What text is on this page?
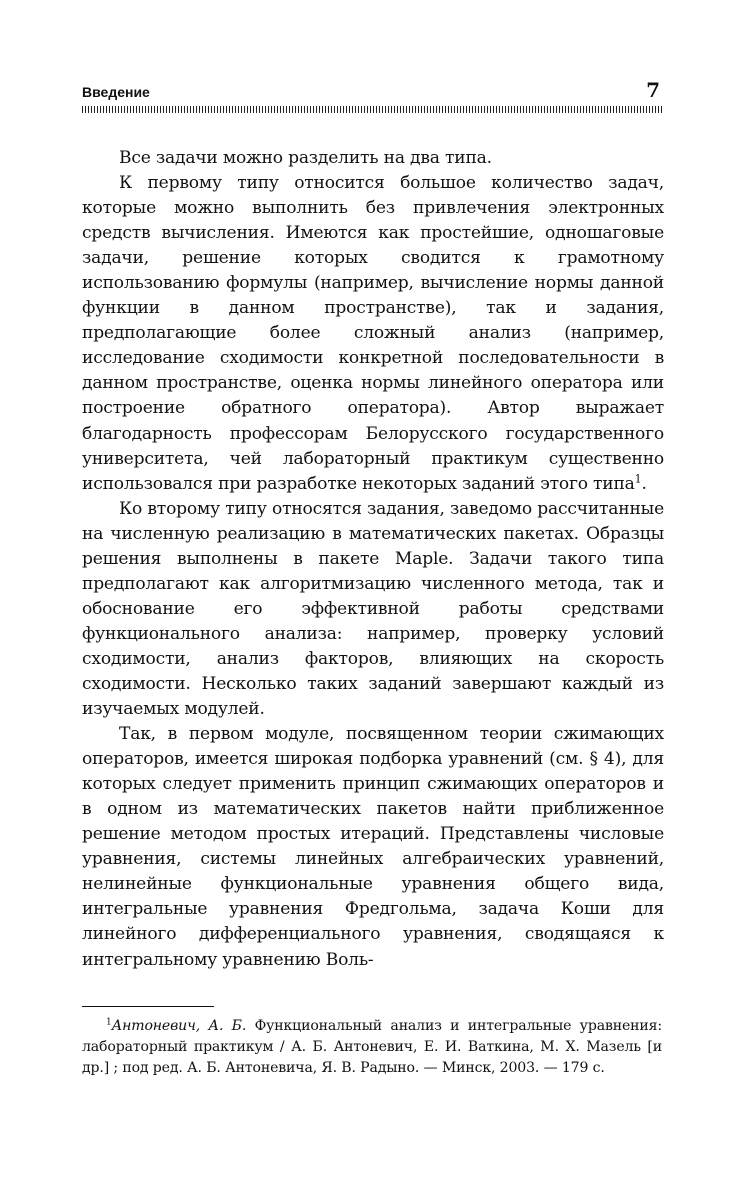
Введение	7

Все задачи можно разделить на два типа.

К первому типу относится большое количество задач, которые можно выполнить без привлечения электронных средств вычисления. Имеются как простейшие, одношаговые задачи, решение которых сводится к грамотному использованию формулы (например, вычисление нормы данной функции в данном пространстве), так и задания, предполагающие более сложный анализ (например, исследование сходимости конкретной последовательности в данном пространстве, оценка нормы линейного оператора или построение обратного оператора). Автор выражает благодарность профессорам Белорусского государственного университета, чей лабораторный практикум существенно использовался при разработке некоторых заданий этого типа$^1$.

Ко второму типу относятся задания, заведомо рассчитанные на численную реализацию в математических пакетах. Образцы решения выполнены в пакете Maple. Задачи такого типа предполагают как алгоритмизацию численного метода, так и обоснование его эффективной работы средствами функционального анализа: например, проверку условий сходимости, анализ факторов, влияющих на скорость сходимости. Несколько таких заданий завершают каждый из изучаемых модулей.

Так, в первом модуле, посвященном теории сжимающих операторов, имеется широкая подборка уравнений (см. § 4), для которых следует применить принцип сжимающих операторов и в одном из математических пакетов найти приближенное решение методом простых итераций. Представлены числовые уравнения, системы линейных алгебраических уравнений, нелинейные функциональные уравнения общего вида, интегральные уравнения Фредгольма, задача Коши для линейного дифференциального уравнения, сводящаяся к интегральному уравнению Воль-

$^1$Антоневич, А. Б. Функциональный анализ и интегральные уравнения: лабораторный практикум / А. Б. Антоневич, Е. И. Ваткина, М. Х. Мазель [и др.] ; под ред. А. Б. Антоневича, Я. В. Радыно. — Минск, 2003. — 179 с.
